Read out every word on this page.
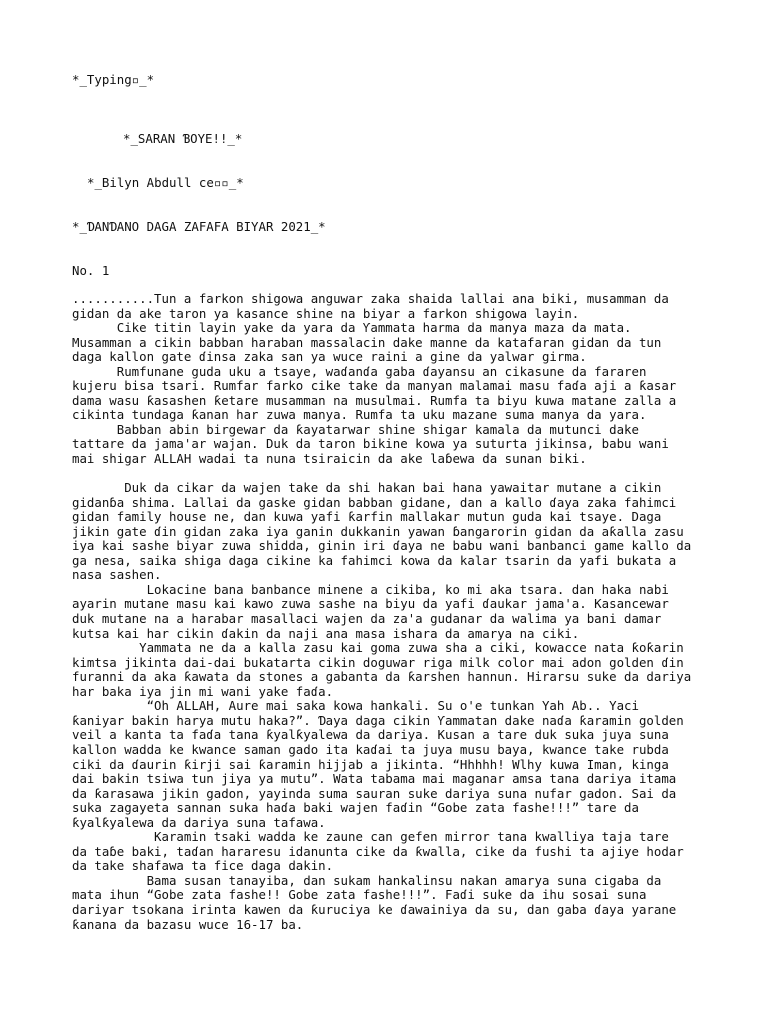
*_Typing▫_*
*_SARAN ƁOYE!!_*
*_Bilyn Abdull ce▫▫_*
*_ƊANƊANO DAGA ZAFAFA BIYAR 2021_*
No. 1

...........Tun a farkon shigowa anguwar zaka shaida lallai ana biki, musamman da
gidan da ake taron ya kasance shine na biyar a farkon shigowa layin.

Cike titin layin yake da yara da Ƴammata harma da manya maza da mata.
Musamman a cikin babban haraban massalacin dake manne da katafaran gidan da tun
daga kallon gate ɗinsa zaka san ya wuce raini a gine da yalwar girma.

Rumfunane guda uku a tsaye, waɗanɗa gaba ɗayansu an cikasune da fararen
kujeru bisa tsari. Rumfar farko cike take da manyan malamai masu faɗa aji a ƙasar
dama wasu ƙasashen ƙetare musamman na musulmai. Rumfa ta biyu kuwa matane zalla a
cikinta tundaga ƙanan har zuwa manya. Rumfa ta uku mazane suma manya da yara.

Babban abin birgewar da ƙayatarwar shine shigar kamala da mutunci dake
tattare da jama'ar wajan. Duk da taron bikine kowa ya suturta jikinsa, babu wani
mai shigar ALLAH wadai ta nuna tsiraicin da ake laɓewa da sunan biki.

Duk da cikar da wajen take da shi hakan bai hana yawaitar mutane a cikin
gidanɓa shima. Lallai da gaske gidan babban gidane, dan a kallo ɗaya zaka fahimci
gidan family house ne, dan kuwa yafi ƙarfin mallakar mutun guda kai tsaye. Daga
jikin gate ɗin gidan zaka iya ganin dukkanin yawan ɓangarorin gidan da aƙalla zasu
iya kai sashe biyar zuwa shidda, ginin iri ɗaya ne babu wani banbanci game kallo da
ga nesa, saika shiga daga cikine ka fahimci kowa da kalar tsarin da yafi bukata a
nasa sashen.

Lokacine bana banbance minene a cikiba, ko mi aka tsara. dan haka nabi
ayarin mutane masu kai kawo zuwa sashe na biyu da yafi ɗaukar jama'a. Kasancewar
duk mutane na a harabar masallaci wajen da za'a gudanar da walima ya bani damar
kutsa kai har cikin ɗakin da naji ana masa ishara da amarya na ciki.

Yammata ne da a kalla zasu kai goma zuwa sha a ciki, kowacce nata ƙoƙarin
kimtsa jikinta dai-dai bukatarta cikin doguwar riga milk color mai adon golden ɗin
furanni da aka ƙawata da stones a gabanta da ƙarshen hannun. Hirarsu suke da dariya
har baka iya jin mi wani yake faɗa.

“Oh ALLAH, Aure mai saka kowa hankali. Su o'e tunkan Yah Ab.. Yaci
ƙaniyar bakin harya mutu haka?”. Ɗaya daga cikin Ƴammatan dake naɗa ƙaramin golden
veil a kanta ta faɗa tana ƙyalƙyalewa da dariya. Kusan a tare duk suka juya suna
kallon wadda ke kwance saman gado ita kaɗai ta juya musu baya, kwance take rubda
ciki da ɗaurin ƙirji sai ƙaramin hijjab a jikinta. “Hhhhh! Wlhy kuwa Iman, kinga
dai bakin tsiwa tun jiya ya mutu”. Wata tabama mai maganar amsa tana dariya itama
da ƙarasawa jikin gadon, yayinda suma sauran suke dariya suna nufar gadon. Sai da
suka zagayeta sannan suka haɗa baki wajen faɗin “Gobe zata fashe!!!” tare da
ƙyalƙyalewa da dariya suna tafawa.

Karamin tsaki wadda ke zaune can gefen mirror tana kwalliya taja tare
da taɓe baki, taɗan hararesu idanunta cike da ƙwalla, cike da fushi ta ajiye hodar
da take shafawa ta fice daga dakin.

Bama susan tanayiba, dan sukam hankalinsu nakan amarya suna cigaba da
mata ihun “Gobe zata fashe!! Gobe zata fashe!!!”. Faɗi suke da ihu sosai suna
dariyar tsokana irinta kawen da ƙuruciya ke ɗawainiya da su, dan gaba ɗaya yarane
ƙanana da bazasu wuce 16-17 ba.
